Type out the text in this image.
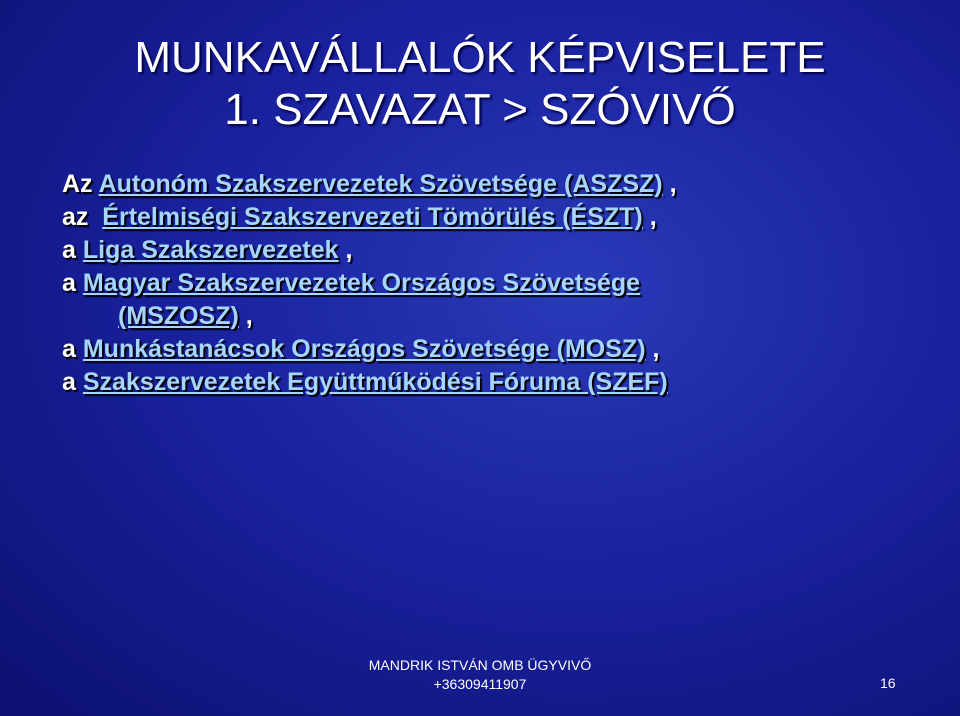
MUNKAVÁLLALÓK KÉPVISELETE
1. SZAVAZAT > SZÓVIVŐ
Az Autonóm Szakszervezetek Szövetsége (ASZSZ) ,
az  Értelmiségi Szakszervezeti Tömörülés (ÉSZT) ,
a Liga Szakszervezetek ,
a Magyar Szakszervezetek Országos Szövetsége
(MSZOSZ) ,
a Munkástanácsok Országos Szövetsége (MOSZ) ,
a Szakszervezetek Együttműködési Fóruma (SZEF)
MANDRIK ISTVÁN OMB ÜGYVIVŐ
+36309411907	16
